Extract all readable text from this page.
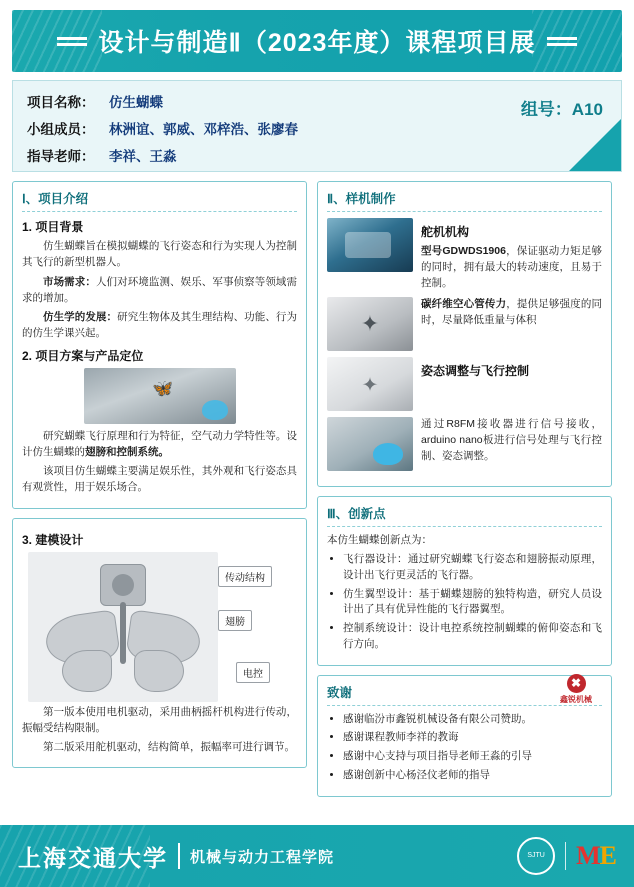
设计与制造Ⅱ（2023年度）课程项目展
项目名称：	仿生蝴蝶
小组成员：	林洲谊、郭威、邓梓浩、张廖春
指导老师：	李祥、王淼
组号：A10
Ⅰ、项目介绍
1. 项目背景

仿生蝴蝶旨在模拟蝴蝶的飞行姿态和行为实现人为控制其飞行的新型机器人。

市场需求：人们对环境监测、娱乐、军事侦察等领域需求的增加。

仿生学的发展：研究生物体及其生理结构、功能、行为的仿生学课兴起。

2. 项目方案与产品定位
🦋

研究蝴蝶飞行原理和行为特征，空气动力学特性等。设计仿生蝴蝶的翅膀和控制系统。

该项目仿生蝴蝶主要满足娱乐性，其外观和飞行姿态具有观赏性，用于娱乐场合。

3. 建模设计
传动结构
翅膀
电控

第一版本使用电机驱动，采用曲柄摇杆机构进行传动，振幅受结构限制。

第二版采用舵机驱动，结构简单，振幅率可进行调节。

Ⅱ、样机制作
舵机机构
型号GDWDS1906，保证驱动力矩足够的同时，拥有最大的转动速度，且易于控制。
✦
碳纤维空心管传力，提供足够强度的同时，尽量降低重量与体积
✦
姿态调整与飞行控制
通过R8FM接收器进行信号接收，arduino nano板进行信号处理与飞行控制、姿态调整。
Ⅲ、创新点
本仿生蝴蝶创新点为：
• 飞行器设计：通过研究蝴蝶飞行姿态和翅膀振动原理，设计出飞行更灵活的飞行器。
• 仿生翼型设计：基于蝴蝶翅膀的独特构造，研究人员设计出了具有优异性能的飞行器翼型。
• 控制系统设计：设计电控系统控制蝴蝶的俯仰姿态和飞行方向。
致谢
✖
鑫锐机械
• 感谢临汾市鑫锐机械设备有限公司赞助。
• 感谢课程教师李祥的教诲
• 感谢中心支持与项目指导老师王淼的引导
• 感谢创新中心杨泾伩老师的指导
上海交通大学 机械与动力工程学院	SJTU	ME
